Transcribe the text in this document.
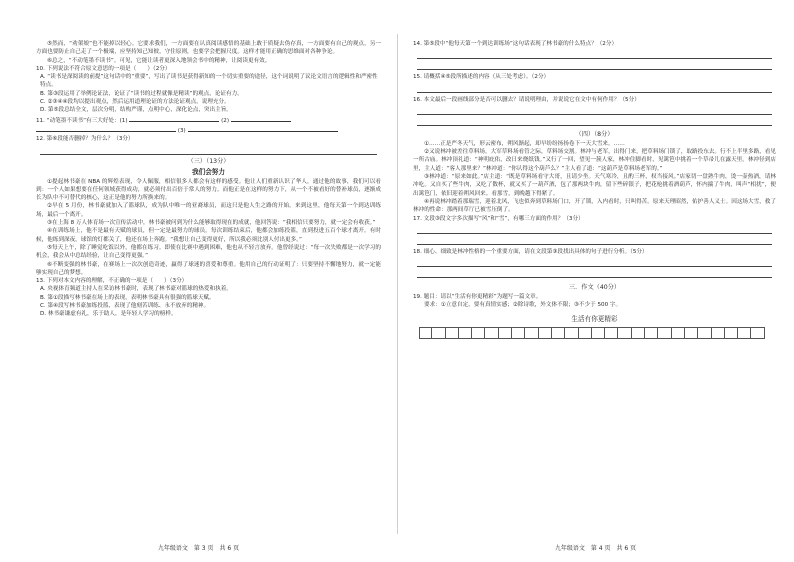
⑤然而，“劝架娘”也不能掉以轻心。它要求我们，一方面要在认真阅读感悟的基础上敢于质疑去伪存真，一方面要有自己的观点，另一方面也要防止自己走了一个极端，应坚持知己知彼，守住原则，也要学会把握尺度。这样才能用正确的思维面对各种争论。

⑥总之，“不动笔墨不读书”。可见，它能让读者更深入地领会书中的精神，让阅读更有效。

10. 下列说法不符合原文意思的一项是（　　）（2分）
A. “读书是深阅读的前提”这句话中的“重要”，写出了读书是获得新知的一个切实重要的途径，这个词说明了议论文语言的逻辑性和严密性特点。
B. 第③段运用了举例论证法，论证了“读书的过程就像是精读”的观点，论证有力。
C. ②③④④段均以提出观点，然后运用道理论证的方法论证观点，说理充分。
D. 第⑤段总结全文，层次分明，结构严谨，点明中心，深化论点，突出主旨。
11. “动笔墨不读书”有三大好处：(1)	(2)
(3)
12. 第⑥段能否删掉？为什么？（3分）
（三）（13分）
我们会努力

①提起林书豪在 NBA 的辉煌表现，令人佩服，相信很多人都会有这样的感受。他让人们重新认识了华人，通过他的故事，我们可以看到：一个人如果想要在任何领域获得成功，就必须付出百倍于常人的努力。而他正是在这样的努力下，从一个不被看好的替补球员，逐渐成长为队中不可替代的核心，这正是他的努力所换来的。

②早在 5 月份，林书豪就加入了篮球队，成为队中唯一的亚裔球员，而这只是他人生之路的开始。来到这里，他每天第一个到达训练场，最后一个离开。

③在上海 8 万人体育场一次宣传活动中，林书豪被问到为什么能够取得现在的成就，他回答说：“我相信只要努力，就一定会有收获。”

④在训练场上，他不是最有天赋的球员，但一定是最努力的球员。每次训练结束后，他都会加练投篮，直到投进五百个球才离开。有时候，他练到深夜，球馆的灯都关了，他还在场上奔跑。“我想让自己变得更好，所以我必须比别人付出更多。”

⑤每天上午，除了睡觉吃饭以外，他都在练习。即使在比赛中遇到困难，他也从不轻言放弃。他曾经说过：“每一次失败都是一次学习的机会，我会从中总结经验，让自己变得更强。”

⑥不断变强的林书豪，在赛场上一次次创造奇迹，赢得了球迷的喜爱和尊重。他用自己的行动证明了：只要坚持不懈地努力，就一定能够实现自己的梦想。

13. 下列对本文内容的理解，不正确的一项是（　　）（3分）
A. 央视体育频道主持人在采访林书豪时，表现了林书豪对篮球的热爱和执着。
B. 第①段描写林书豪在场上的表现，表明林书豪具有很强的篮球天赋。
C. 第④段写林书豪加练投篮，表现了他刻苦训练、永不放弃的精神。
D. 林书豪谦虚有礼，乐于助人，是年轻人学习的榜样。
九年级语文　第 3 页　共 6 页
14. 第⑤段中“他每天第一个到达训练场”这句话表现了林书豪的什么特点？（2分）
15. 请概括④⑤段所描述的内容（从三处考虑）。（2分）
16. 本文最后一段画线部分是否可以删去？请说明理由，并说说它在文中有何作用？（5分）
（四）（8分）

①……正是严冬天气，形云密布，朔风渐起，却早纷纷扬扬卷下一天大雪来。……

②又说林冲被差往草料场。大军草料场看管之际，草料场交割。林冲与老军，出得门来，把草料场门锁了，取路投东去。行不上半里多路，看见一所古庙。林冲顶礼道：“神明庇佑，改日来烧纸钱。”又行了一回，望见一簇人家，林冲住脚看时，见篱笆中挑着一个草帚儿在露天里。林冲径到店里，主人道：“客人那里来？”林冲道：“你认得这个葫芦么？”主人看了道：“这葫芦是草料场老军的。”

③林冲道：“原来如此。”店主道：“既是草料场看守大哥，且请少坐。天气寒冷，且酌三杯，权当接风。”店家切一盘熟牛肉，烫一壶热酒，请林冲吃。又自买了些牛肉，又吃了数杯，就又买了一葫芦酒，包了那两块牛肉，留下些碎银子，把花枪挑着酒葫芦，怀内揣了牛肉，叫声“相扰”，便出篱笆门，依旧迎着朔风回来。看那雪，到晚越下得紧了。

④再说林冲踏着那瑞雪，迎着北风，飞也似奔到草料场门口，开了锁，入内看时，只叫得苦。原来天理昭然，佑护善人义士。因这场大雪，救了林冲的性命：那两间草厅已被雪压倒了。

17. 文段③段文字多次描写“风”和“雪”，有哪三方面的作用？（3分）
18. 细心、细致是林冲性格的一个重要方面，请在文段第③段找出具体的句子进行分析。（5分）
三．作文（40分）
19. 题目：请以“生活有你更精彩”为题写一篇文章。
要求：①立意自定，要有真情实感；②除诗歌，外文体不限；③不少于 500 字。
生活有你更精彩
九年级语文　第 4 页　共 6 页
